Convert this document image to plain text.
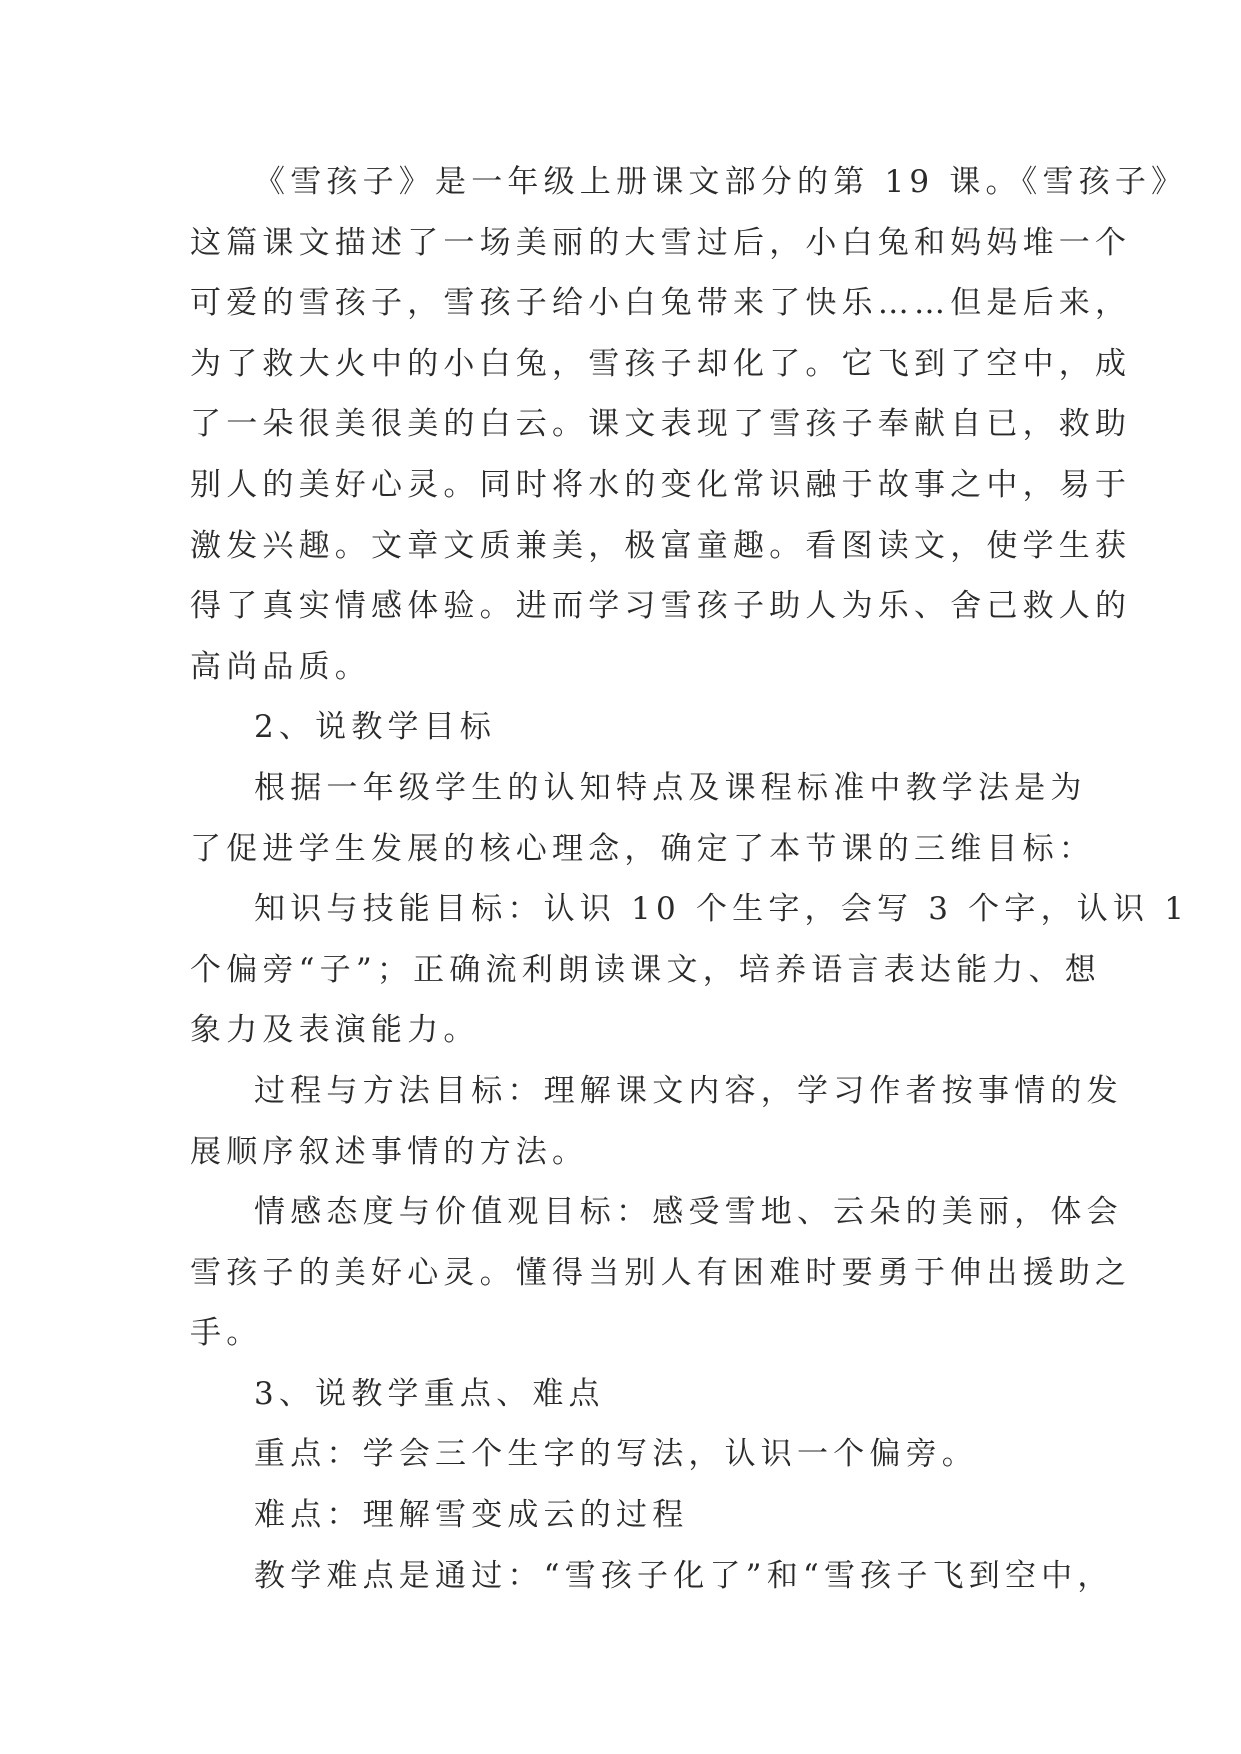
《雪孩子》是一年级上册课文部分的第 19 课。《雪孩子》
这篇课文描述了一场美丽的大雪过后，小白兔和妈妈堆一个
可爱的雪孩子，雪孩子给小白兔带来了快乐……但是后来，
为了救大火中的小白兔，雪孩子却化了。它飞到了空中，成
了一朵很美很美的白云。课文表现了雪孩子奉献自已，救助
别人的美好心灵。同时将水的变化常识融于故事之中，易于
激发兴趣。文章文质兼美，极富童趣。看图读文，使学生获
得了真实情感体验。进而学习雪孩子助人为乐、舍己救人的
高尚品质。
2、说教学目标
根据一年级学生的认知特点及课程标准中教学法是为
了促进学生发展的核心理念，确定了本节课的三维目标：
知识与技能目标：认识 10 个生字，会写 3 个字，认识 1
个偏旁“子”；正确流利朗读课文，培养语言表达能力、想
象力及表演能力。
过程与方法目标：理解课文内容，学习作者按事情的发
展顺序叙述事情的方法。
情感态度与价值观目标：感受雪地、云朵的美丽，体会
雪孩子的美好心灵。懂得当别人有困难时要勇于伸出援助之
手。
3、说教学重点、难点
重点：学会三个生字的写法，认识一个偏旁。
难点：理解雪变成云的过程
教学难点是通过：“雪孩子化了”和“雪孩子飞到空中，
